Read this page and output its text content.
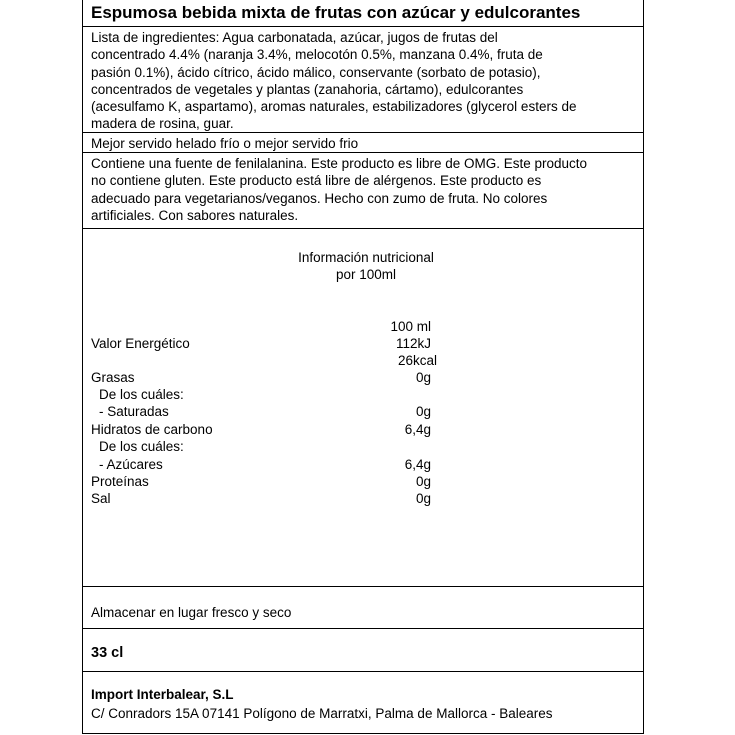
Espumosa bebida mixta de frutas con azúcar y edulcorantes
Lista de ingredientes: Agua carbonatada, azúcar, jugos de frutas del
concentrado 4.4% (naranja 3.4%, melocotón 0.5%, manzana 0.4%, fruta de
pasión 0.1%), ácido cítrico, ácido málico, conservante (sorbato de potasio),
concentrados de vegetales y plantas (zanahoria, cártamo), edulcorantes
(acesulfamo K, aspartamo), aromas naturales, estabilizadores (glycerol esters de
madera de rosina, guar.
Mejor servido helado frío o mejor servido frio
Contiene una fuente de fenilalanina. Este producto es libre de OMG. Este producto
no contiene gluten. Este producto está libre de alérgenos. Este producto es
adecuado para vegetarianos/veganos. Hecho con zumo de fruta. No colores
artificiales. Con sabores naturales.
Información nutricional
por 100ml
100 ml
Valor Energético	112kJ
26kcal
Grasas	0g
De los cuáles:
- Saturadas	0g
Hidratos de carbono	6,4g
De los cuáles:
- Azúcares	6,4g
Proteínas	0g
Sal	0g
Almacenar en lugar fresco y seco
33 cl
Import Interbalear, S.L
C/ Conradors 15A 07141 Polígono de Marratxi, Palma de Mallorca - Baleares
